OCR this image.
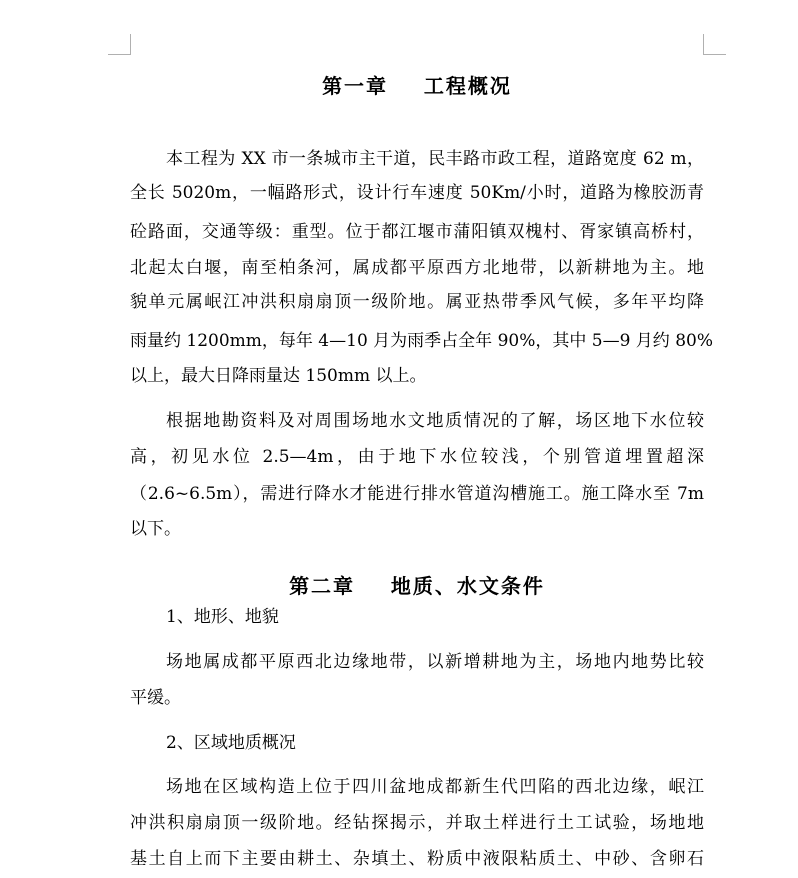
第一章    工程概况
本工程为 XX 市一条城市主干道，民丰路市政工程，道路宽度 62 m，
全长 5020m，一幅路形式，设计行车速度 50Km/小时，道路为橡胶沥青
砼路面，交通等级：重型。位于都江堰市蒲阳镇双槐村、胥家镇高桥村，
北起太白堰，南至柏条河，属成都平原西方北地带，以新耕地为主。地
貌单元属岷江冲洪积扇扇顶一级阶地。属亚热带季风气候，多年平均降
雨量约 1200mm，每年 4—10 月为雨季占全年 90%，其中 5—9 月约 80%
以上，最大日降雨量达 150mm 以上。
根据地勘资料及对周围场地水文地质情况的了解，场区地下水位较
高，初见水位 2.5—4m，由于地下水位较浅，个别管道埋置超深
（2.6~6.5m），需进行降水才能进行排水管道沟槽施工。施工降水至 7m
以下。
第二章    地质、水文条件
1、地形、地貌
场地属成都平原西北边缘地带，以新增耕地为主，场地内地势比较
平缓。
2、区域地质概况
场地在区域构造上位于四川盆地成都新生代凹陷的西北边缘，岷江
冲洪积扇扇顶一级阶地。经钻探揭示，并取土样进行土工试验，场地地
基土自上而下主要由耕土、杂填土、粉质中液限粘质土、中砂、含卵石
